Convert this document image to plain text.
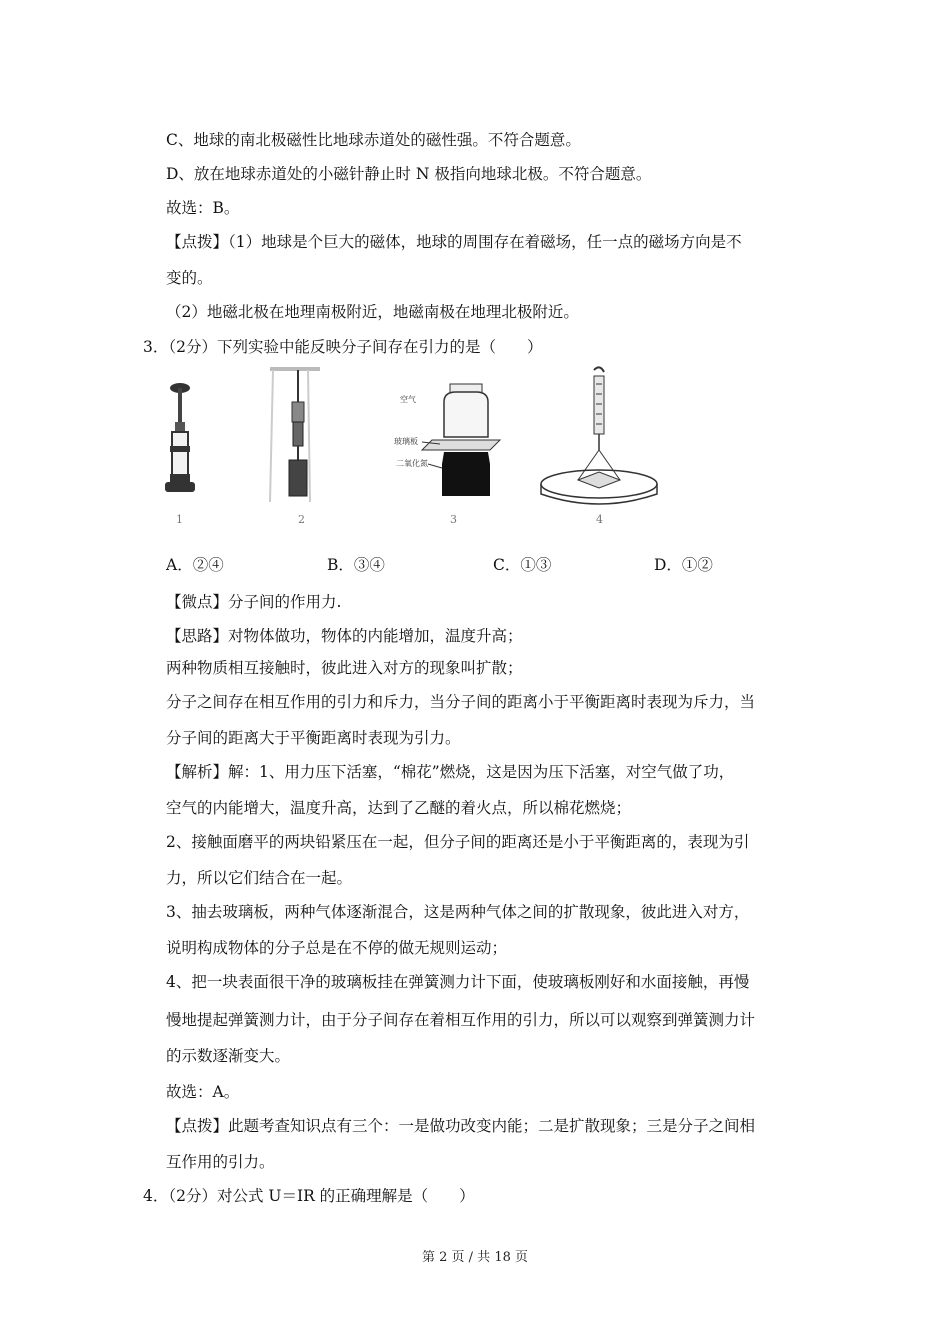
C、地球的南北极磁性比地球赤道处的磁性强。不符合题意。
D、放在地球赤道处的小磁针静止时 N 极指向地球北极。不符合题意。
故选：B。
【点拨】（1）地球是个巨大的磁体，地球的周围存在着磁场，任一点的磁场方向是不
变的。
（2）地磁北极在地理南极附近，地磁南极在地理北极附近。
3．（2分）下列实验中能反映分子间存在引力的是（　　）
空气
玻璃板
二氧化氮
1	2	3	4
A．②④	B．③④	C．①③	D．①②
【微点】分子间的作用力.
【思路】对物体做功，物体的内能增加，温度升高；
两种物质相互接触时，彼此进入对方的现象叫扩散；
分子之间存在相互作用的引力和斥力，当分子间的距离小于平衡距离时表现为斥力，当
分子间的距离大于平衡距离时表现为引力。
【解析】解：1、用力压下活塞，“棉花”燃烧，这是因为压下活塞，对空气做了功，
空气的内能增大，温度升高，达到了乙醚的着火点，所以棉花燃烧；
2、接触面磨平的两块铅紧压在一起，但分子间的距离还是小于平衡距离的，表现为引
力，所以它们结合在一起。
3、抽去玻璃板，两种气体逐渐混合，这是两种气体之间的扩散现象，彼此进入对方，
说明构成物体的分子总是在不停的做无规则运动；
4、把一块表面很干净的玻璃板挂在弹簧测力计下面，使玻璃板刚好和水面接触，再慢
慢地提起弹簧测力计，由于分子间存在着相互作用的引力，所以可以观察到弹簧测力计
的示数逐渐变大。
故选：A。
【点拨】此题考查知识点有三个：一是做功改变内能；二是扩散现象；三是分子之间相
互作用的引力。
4．（2分）对公式 U＝IR 的正确理解是（　　）
第 2 页 / 共 18 页
